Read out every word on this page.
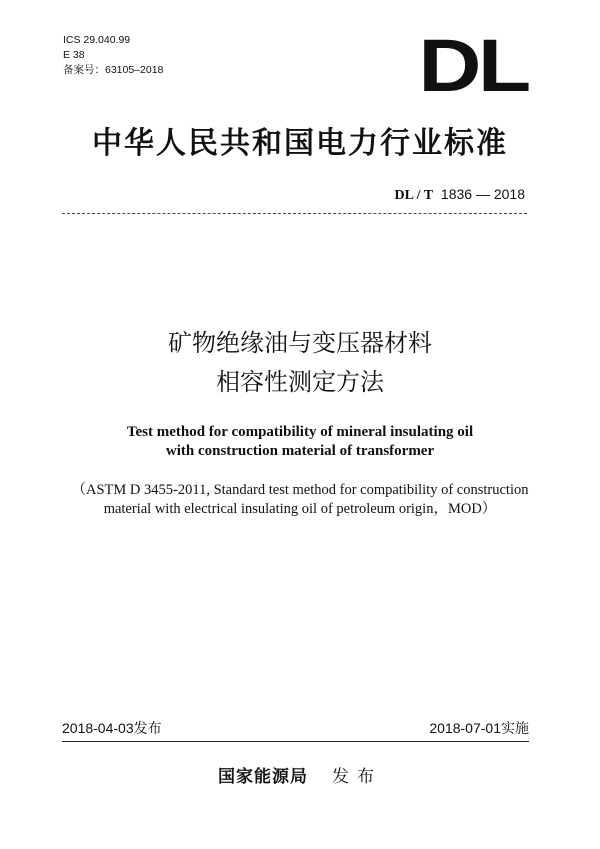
ICS 29.040.99
E 38
备案号：63105–2018	DL
中华人民共和国电力行业标准
DL / T 1836 — 2018
矿物绝缘油与变压器材料
相容性测定方法
Test method for compatibility of mineral insulating oil
with construction material of transformer
（ASTM D 3455-2011, Standard test method for compatibility of construction
material with electrical insulating oil of petroleum origin，MOD）
2018-04-03发布	2018-07-01实施
国家能源局 发布
